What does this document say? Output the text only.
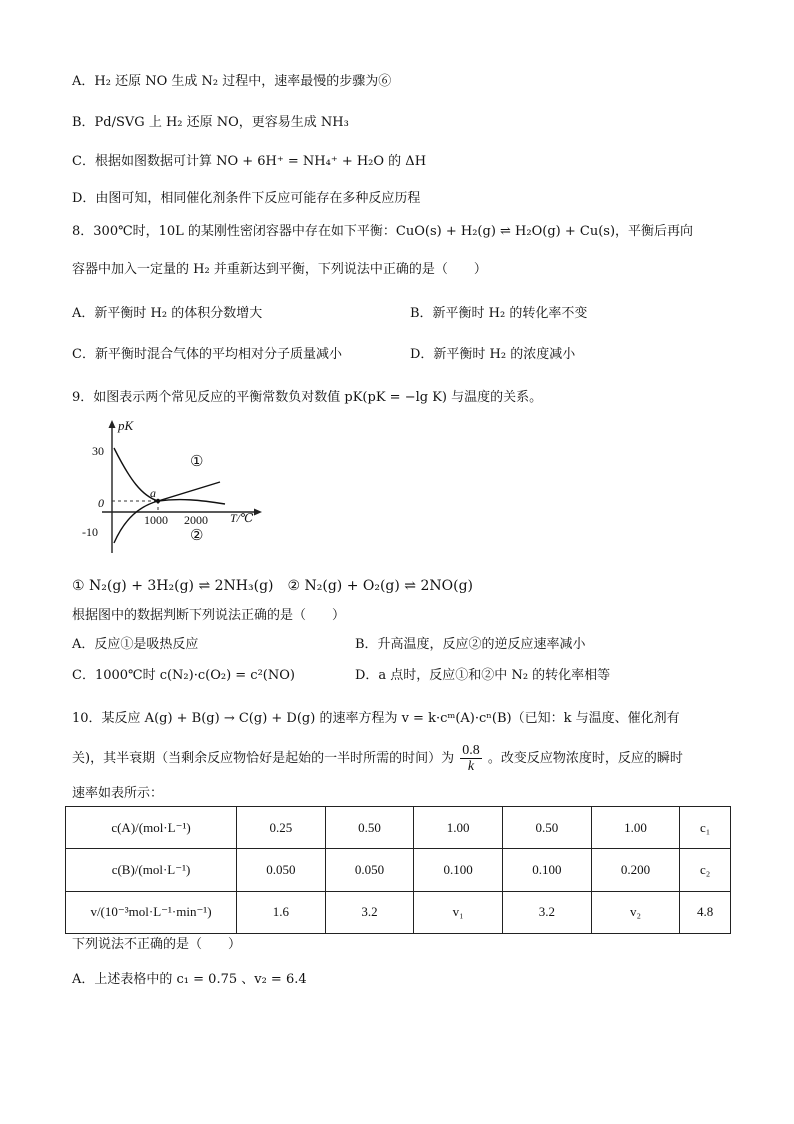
A．H₂ 还原 NO 生成 N₂ 过程中，速率最慢的步骤为⑥
B．Pd/SVG 上 H₂ 还原 NO，更容易生成 NH₃
C．根据如图数据可计算 NO + 6H⁺ = NH₄⁺ + H₂O 的 ΔH
D．由图可知，相同催化剂条件下反应可能存在多种反应历程
8．300℃时，10L 的某刚性密闭容器中存在如下平衡：CuO(s) + H₂(g) ⇌ H₂O(g) + Cu(s)，平衡后再向
容器中加入一定量的 H₂ 并重新达到平衡，下列说法中正确的是（　　）
A．新平衡时 H₂ 的体积分数增大	B．新平衡时 H₂ 的转化率不变
C．新平衡时混合气体的平均相对分子质量减小	D．新平衡时 H₂ 的浓度减小
9．如图表示两个常见反应的平衡常数负对数值 pK(pK = −lg K) 与温度的关系。
a
pK
T/℃
30
0
-10
1000 2000
①
②
① N₂(g) + 3H₂(g) ⇌ 2NH₃(g)　② N₂(g) + O₂(g) ⇌ 2NO(g)
根据图中的数据判断下列说法正确的是（　　）
A．反应①是吸热反应	B．升高温度，反应②的逆反应速率减小
C．1000℃时 c(N₂)·c(O₂) = c²(NO)	D．a 点时，反应①和②中 N₂ 的转化率相等
10．某反应 A(g) + B(g) → C(g) + D(g) 的速率方程为 v = k·cᵐ(A)·cⁿ(B)（已知：k 与温度、催化剂有
关)，其半衰期（当剩余反应物恰好是起始的一半时所需的时间）为 $\frac{0.8}{k}$ 。改变反应物浓度时，反应的瞬时
速率如表所示：
c(A)/(mol·L⁻¹)	0.25	0.50	1.00	0.50	1.00	c₁
c(B)/(mol·L⁻¹)	0.050	0.050	0.100	0.100	0.200	c₂
v/(10⁻³mol·L⁻¹·min⁻¹)	1.6	3.2	v₁	3.2	v₂	4.8
下列说法不正确的是（　　）
A．上述表格中的 c₁ = 0.75 、v₂ = 6.4
